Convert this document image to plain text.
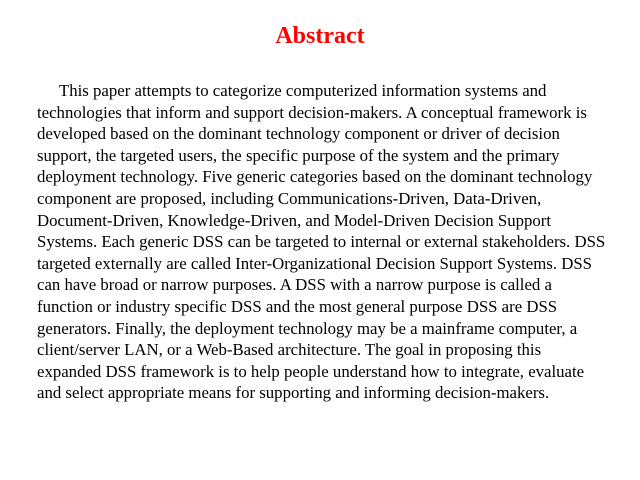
Abstract

This paper attempts to categorize computerized information systems and technologies that inform and support decision-makers. A conceptual framework is developed based on the dominant technology component or driver of decision support, the targeted users, the specific purpose of the system and the primary deployment technology. Five generic categories based on the dominant technology component are proposed, including Communications-Driven, Data-Driven, Document-Driven, Knowledge-Driven, and Model-Driven Decision Support Systems. Each generic DSS can be targeted to internal or external stakeholders. DSS targeted externally are called Inter-Organizational Decision Support Systems. DSS can have broad or narrow purposes. A DSS with a narrow purpose is called a function or industry specific DSS and the most general purpose DSS are DSS generators. Finally, the deployment technology may be a mainframe computer, a client/server LAN, or a Web-Based architecture. The goal in proposing this expanded DSS framework is to help people understand how to integrate, evaluate and select appropriate means for supporting and informing decision-makers.
